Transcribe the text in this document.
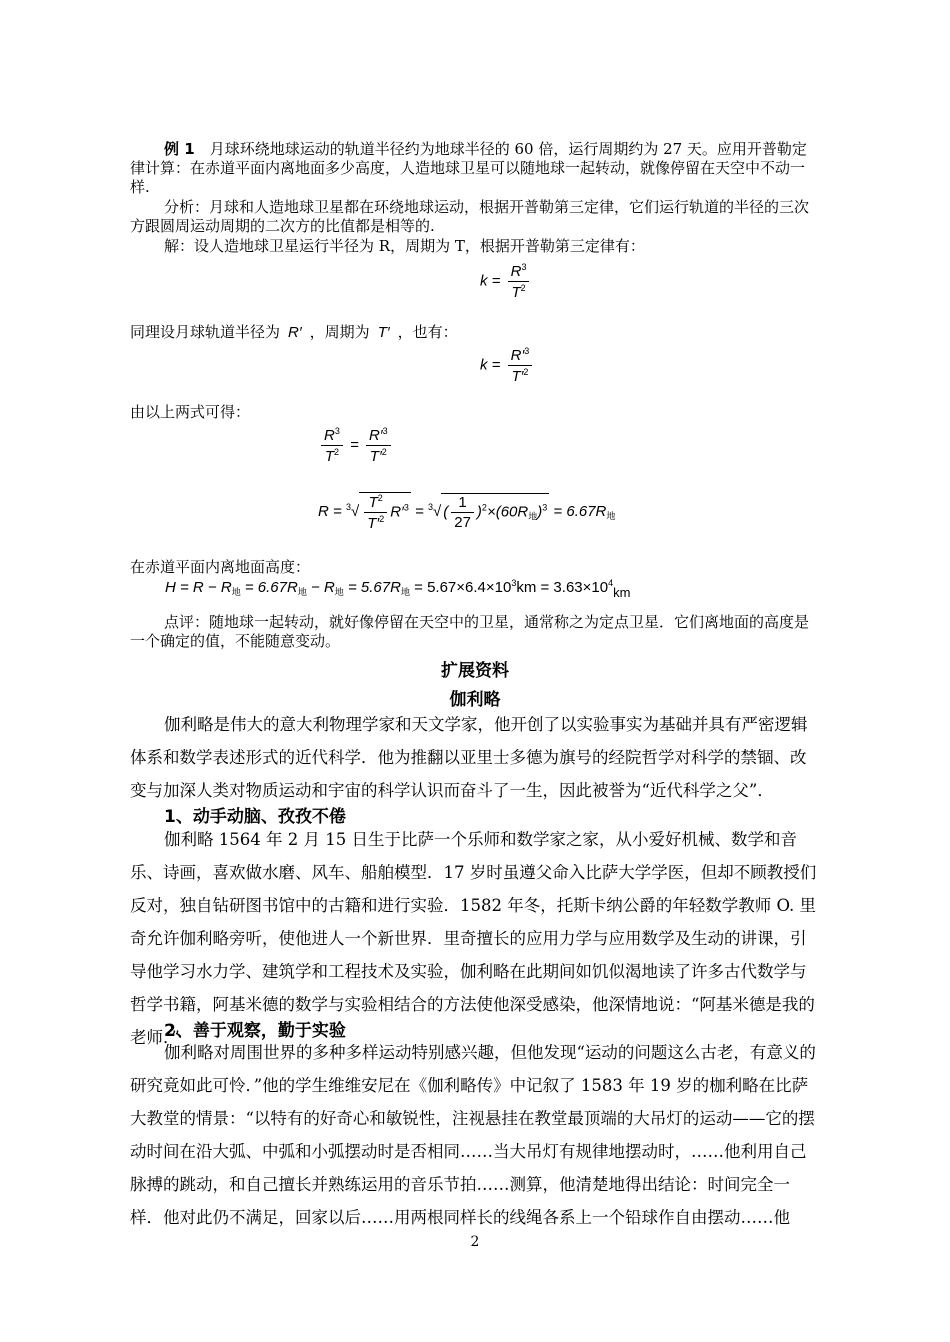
例 1　 月球环绕地球运动的轨道半径约为地球半径的 60 倍，运行周期约为 27 天。应用开普勒定律计算：在赤道平面内离地面多少高度，人造地球卫星可以随地球一起转动，就像停留在天空中不动一样.
分析：月球和人造地球卫星都在环绕地球运动，根据开普勒第三定律，它们运行轨道的半径的三次方跟圆周运动周期的二次方的比值都是相等的.
解：设人造地球卫星运行半径为 R，周期为 T，根据开普勒第三定律有：
$k = \frac{R^3}{T^2}$
同理设月球轨道半径为 R′ ，周期为 T′ ，也有：
$k = \frac{R'^3}{T'^2}$
由以上两式可得：
$\frac{R^3}{T^2} = \frac{R'^3}{T'^2}$
$R = ^3√ \frac{T^2}{T'^2} R'^3 = ^3√( \frac{1}{27} )^2\times(60R_地)^3 = 6.67R_地$
在赤道平面内离地面高度：
$H = R - R_地 = 6.67R_地 - R_地 = 5.67R_地 = 5.67\times 6.4\times 10^3km = 3.63\times 10^4km$
点评：随地球一起转动，就好像停留在天空中的卫星，通常称之为定点卫星．它们离地面的高度是一个确定的值，不能随意变动。
扩展资料
伽利略
伽利略是伟大的意大利物理学家和天文学家，他开创了以实验事实为基础并具有严密逻辑体系和数学表述形式的近代科学．他为推翻以亚里士多德为旗号的经院哲学对科学的禁锢、改变与加深人类对物质运动和宇宙的科学认识而奋斗了一生，因此被誉为“近代科学之父”．
1、动手动脑、孜孜不倦
伽利略 1564 年 2 月 15 日生于比萨一个乐师和数学家之家，从小爱好机械、数学和音乐、诗画，喜欢做水磨、风车、船舶模型．17 岁时虽遵父命入比萨大学学医，但却不顾教授们反对，独自钻研图书馆中的古籍和进行实验．1582 年冬，托斯卡纳公爵的年轻数学教师 O. 里奇允许伽利略旁听，使他进人一个新世界．里奇擅长的应用力学与应用数学及生动的讲课，引导他学习水力学、建筑学和工程技术及实验，伽利略在此期间如饥似渴地读了许多古代数学与哲学书籍，阿基米德的数学与实验相结合的方法使他深受感染，他深情地说：“阿基米德是我的老师．”
2、善于观察，勤于实验
伽利略对周围世界的多种多样运动特别感兴趣，但他发现“运动的问题这么古老，有意义的研究竟如此可怜．”他的学生维维安尼在《伽利略传》中记叙了 1583 年 19 岁的枷利略在比萨大教堂的情景：“以特有的好奇心和敏锐性，注视悬挂在教堂最顶端的大吊灯的运动——它的摆动时间在沿大弧、中弧和小弧摆动时是否相同……当大吊灯有规律地摆动时，……他利用自己脉搏的跳动，和自己擅长并熟练运用的音乐节拍……测算，他清楚地得出结论：时间完全一样．他对此仍不满足，回家以后……用两根同样长的线绳各系上一个铅球作自由摆动……他
2
